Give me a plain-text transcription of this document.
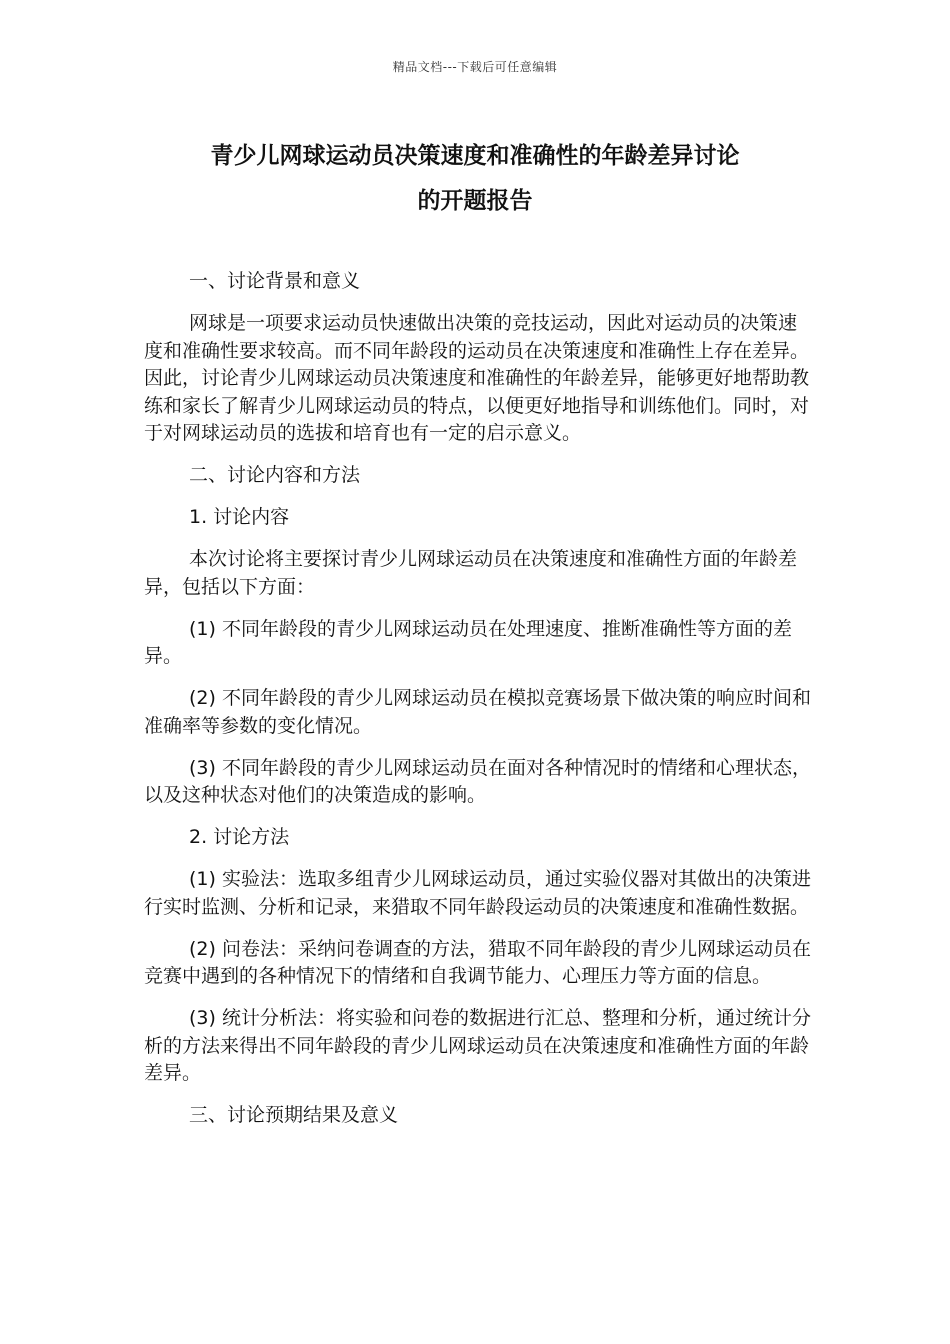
精品文档---下载后可任意编辑
青少儿网球运动员决策速度和准确性的年龄差异讨论
的开题报告

一、讨论背景和意义

网球是一项要求运动员快速做出决策的竞技运动，因此对运动员的决策速度和准确性要求较高。而不同年龄段的运动员在决策速度和准确性上存在差异。因此，讨论青少儿网球运动员决策速度和准确性的年龄差异，能够更好地帮助教练和家长了解青少儿网球运动员的特点，以便更好地指导和训练他们。同时，对于对网球运动员的选拔和培育也有一定的启示意义。

二、讨论内容和方法

1. 讨论内容

本次讨论将主要探讨青少儿网球运动员在决策速度和准确性方面的年龄差异，包括以下方面：

(1) 不同年龄段的青少儿网球运动员在处理速度、推断准确性等方面的差异。

(2) 不同年龄段的青少儿网球运动员在模拟竞赛场景下做决策的响应时间和准确率等参数的变化情况。

(3) 不同年龄段的青少儿网球运动员在面对各种情况时的情绪和心理状态，以及这种状态对他们的决策造成的影响。

2. 讨论方法

(1) 实验法：选取多组青少儿网球运动员，通过实验仪器对其做出的决策进行实时监测、分析和记录，来猎取不同年龄段运动员的决策速度和准确性数据。

(2) 问卷法：采纳问卷调查的方法，猎取不同年龄段的青少儿网球运动员在竞赛中遇到的各种情况下的情绪和自我调节能力、心理压力等方面的信息。

(3) 统计分析法：将实验和问卷的数据进行汇总、整理和分析，通过统计分析的方法来得出不同年龄段的青少儿网球运动员在决策速度和准确性方面的年龄差异。

三、讨论预期结果及意义
